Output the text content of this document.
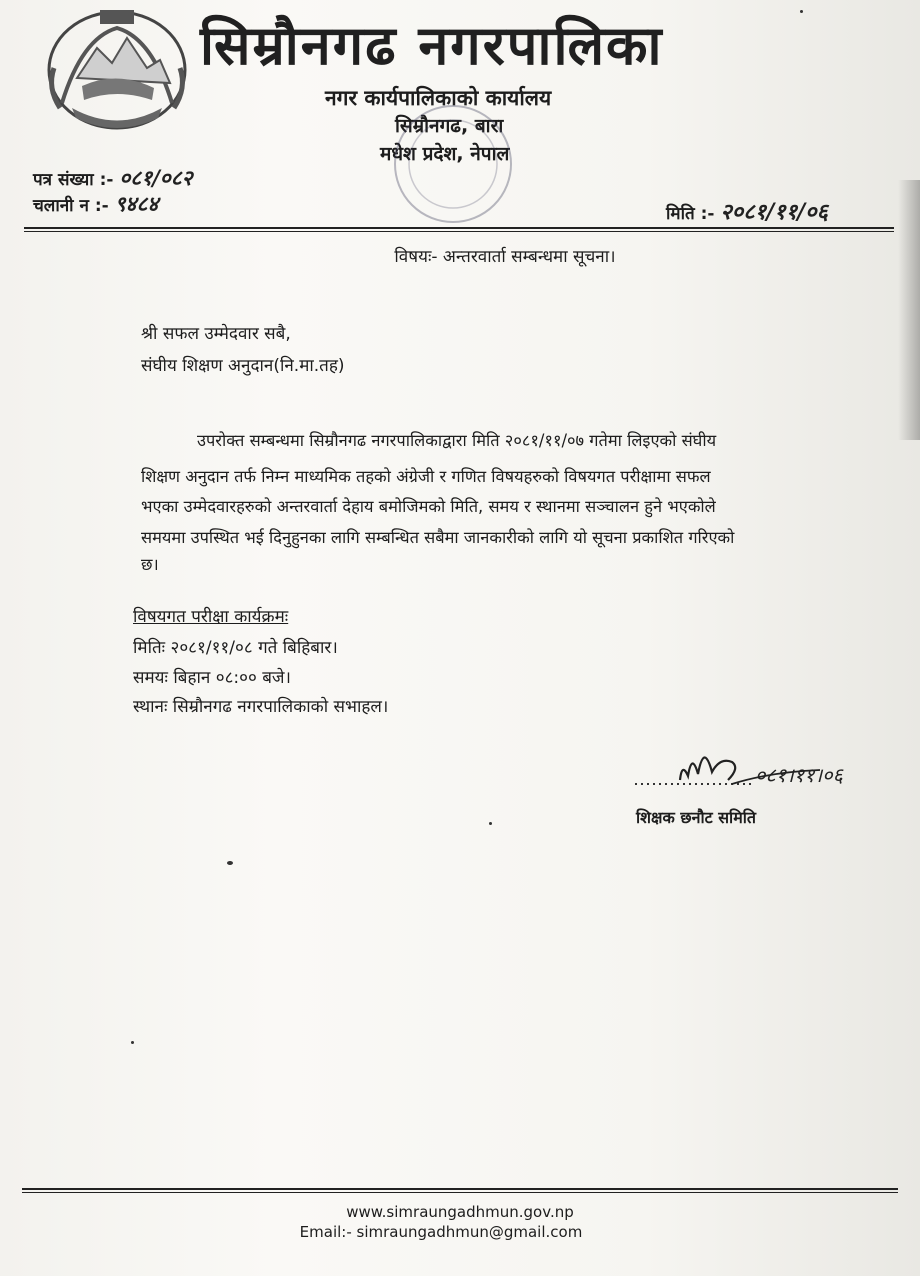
सिम्रौनगढ नगरपालिका
नगर कार्यपालिकाको कार्यालय
सिम्रौनगढ, बारा
मधेश प्रदेश, नेपाल
पत्र संख्या :- ०८१/०८२
चलानी न :- ९४८४	मिति :- २०८१/११/०६
विषयः- अन्तरवार्ता सम्बन्धमा सूचना।
श्री सफल उम्मेदवार सबै,
संघीय शिक्षण अनुदान(नि.मा.तह)
उपरोक्त सम्बन्धमा सिम्रौनगढ नगरपालिकाद्वारा मिति २०८१/११/०७ गतेमा लिइएको संघीय
शिक्षण अनुदान तर्फ निम्न माध्यमिक तहको अंग्रेजी र गणित विषयहरुको विषयगत परीक्षामा सफल
भएका उम्मेदवारहरुको अन्तरवार्ता देहाय बमोजिमको मिति, समय र स्थानमा सञ्चालन हुने भएकोले
समयमा उपस्थित भई दिनुहुनका लागि सम्बन्धित सबैमा जानकारीको लागि यो सूचना प्रकाशित गरिएको
छ।
विषयगत परीक्षा कार्यक्रमः
मितिः २०८१/११/०८ गते बिहिबार।
समयः बिहान ०८:०० बजे।
स्थानः सिम्रौनगढ नगरपालिकाको सभाहल।
०८१।११।०६
शिक्षक छनौट समिति
www.simraungadhmun.gov.np
Email:- simraungadhmun@gmail.com
